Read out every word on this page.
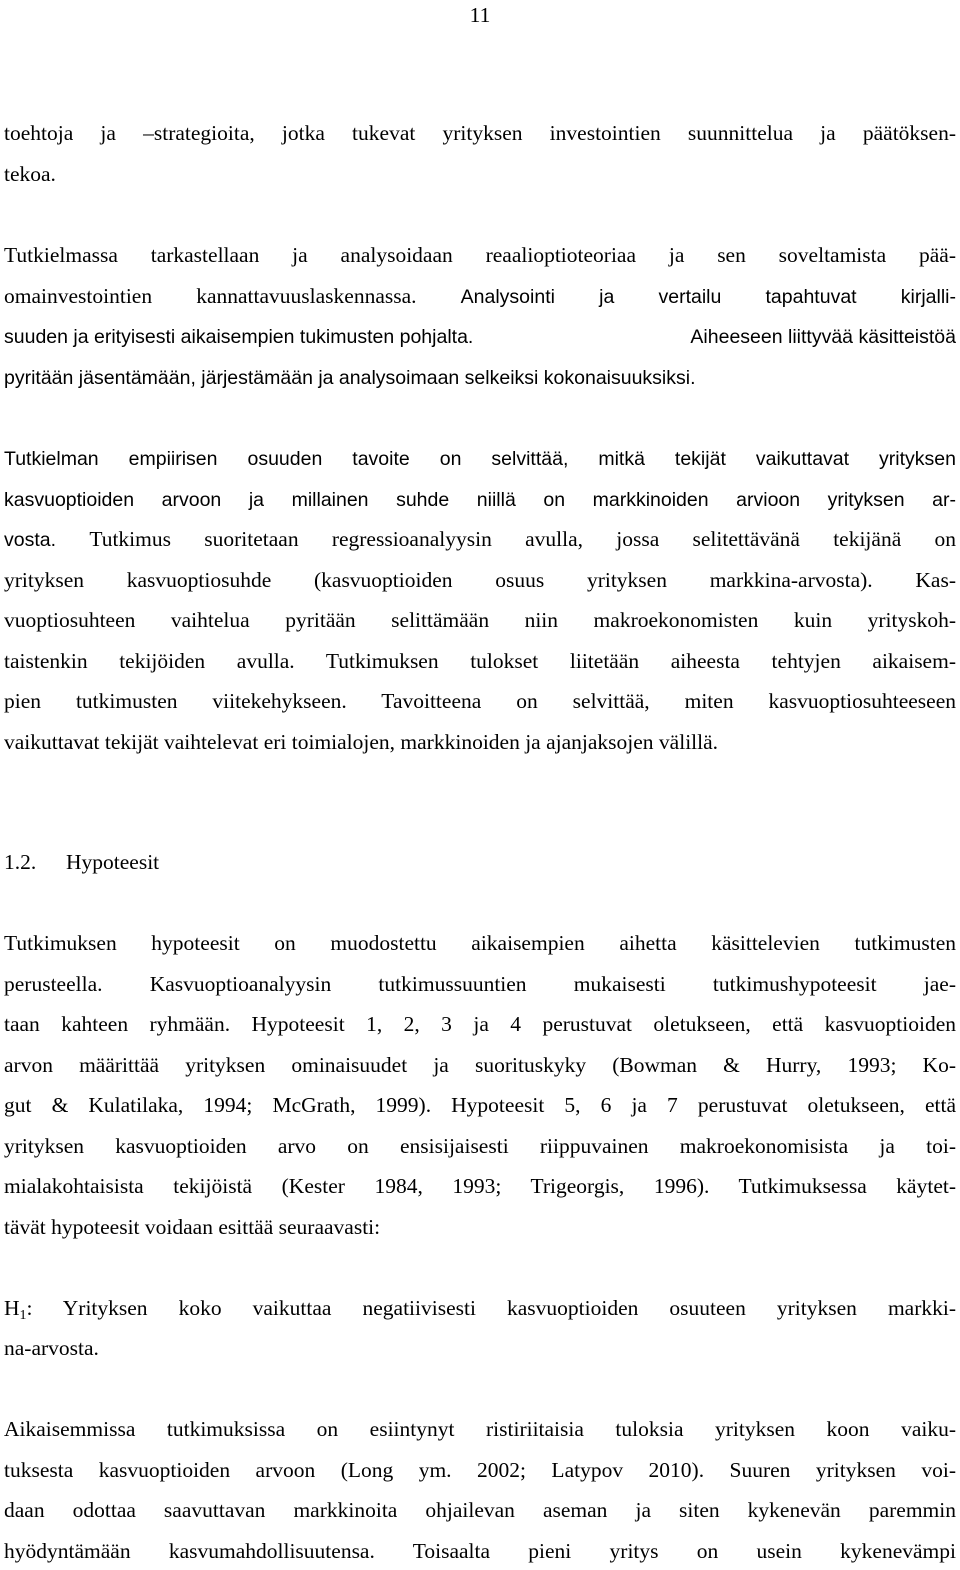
11
toehtoja ja –strategioita, jotka tukevat yrityksen investointien suunnittelua ja päätöksen-
tekoa.
Tutkielmassa tarkastellaan ja analysoidaan reaalioptioteoriaa ja sen soveltamista pää-
omainvestointien kannattavuuslaskennassa. Analysointi ja vertailu tapahtuvat kirjalli-
suuden ja erityisesti aikaisempien tukimusten pohjalta.	Aiheeseen liittyvää käsitteistöä
pyritään jäsentämään, järjestämään ja analysoimaan selkeiksi kokonaisuuksiksi.
Tutkielman empiirisen osuuden tavoite on selvittää, mitkä tekijät vaikuttavat yrityksen
kasvuoptioiden arvoon ja millainen suhde niillä on markkinoiden arvioon yrityksen ar-
vosta. Tutkimus suoritetaan regressioanalyysin avulla, jossa selitettävänä tekijänä on
yrityksen kasvuoptiosuhde (kasvuoptioiden osuus yrityksen markkina-arvosta). Kas-
vuoptiosuhteen vaihtelua pyritään selittämään niin makroekonomisten kuin yrityskoh-
taistenkin tekijöiden avulla. Tutkimuksen tulokset liitetään aiheesta tehtyjen aikaisem-
pien tutkimusten viitekehykseen. Tavoitteena on selvittää, miten kasvuoptiosuhteeseen
vaikuttavat tekijät vaihtelevat eri toimialojen, markkinoiden ja ajanjaksojen välillä.
Tutkimuksen hypoteesit on muodostettu aikaisempien aihetta käsittelevien tutkimusten
perusteella. Kasvuoptioanalyysin tutkimussuuntien mukaisesti tutkimushypoteesit jae-
taan kahteen ryhmään. Hypoteesit 1, 2, 3 ja 4 perustuvat oletukseen, että kasvuoptioiden
arvon määrittää yrityksen ominaisuudet ja suorituskyky (Bowman & Hurry, 1993; Ko-
gut & Kulatilaka, 1994; McGrath, 1999). Hypoteesit 5, 6 ja 7 perustuvat oletukseen, että
yrityksen kasvuoptioiden arvo on ensisijaisesti riippuvainen makroekonomisista ja toi-
mialakohtaisista tekijöistä (Kester 1984, 1993; Trigeorgis, 1996). Tutkimuksessa käytet-
tävät hypoteesit voidaan esittää seuraavasti:
$H_1$: Yrityksen koko vaikuttaa negatiivisesti kasvuoptioiden osuuteen yrityksen markki-
na-arvosta.
Aikaisemmissa tutkimuksissa on esiintynyt ristiriitaisia tuloksia yrityksen koon vaiku-
tuksesta kasvuoptioiden arvoon (Long ym. 2002; Latypov 2010). Suuren yrityksen voi-
daan odottaa saavuttavan markkinoita ohjailevan aseman ja siten kykenevän paremmin
hyödyntämään kasvumahdollisuutensa. Toisaalta pieni yritys on usein kykenevämpi
1.2. Hypoteesit
